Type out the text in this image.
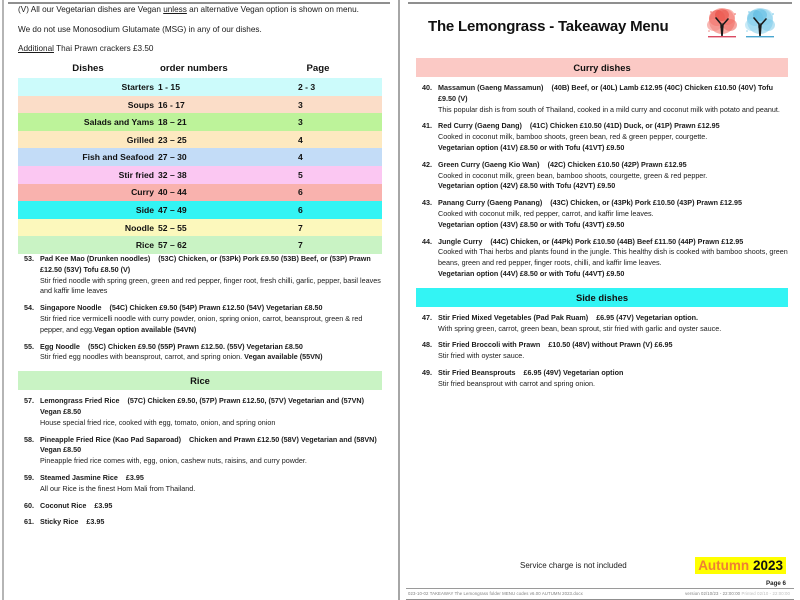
(V) All our Vegetarian dishes are Vegan unless an alternative Vegan option is shown on menu.

We do not use Monosodium Glutamate (MSG) in any of our dishes.

Additional Thai Prawn crackers £3.50

Dishes	order numbers	Page
Starters 1 - 15	2 - 3
Soups 16 - 17	3
Salads and Yams 18 – 21	3
Grilled 23 – 25	4
Fish and Seafood 27 – 30	4
Stir fried 32 – 38	5
Curry 40 – 44	6
Side 47 – 49	6
Noodle 52 – 55	7
Rice 57 – 62	7
53. Pad Kee Mao (Drunken noodles) (53C) Chicken, or (53Pk) Pork £9.50 (53B) Beef, or (53P) Prawn £12.50 (53V) Tofu £8.50 (V)
Stir fried noodle with spring green, green and red pepper, finger root, fresh chilli, garlic, pepper, basil leaves and kaffir lime leaves
54. Singapore Noodle (54C) Chicken £9.50 (54P) Prawn £12.50 (54V) Vegetarian £8.50
Stir fried rice vermicelli noodle with curry powder, onion, spring onion, carrot, beansprout, green & red pepper, and egg.Vegan option available (54VN)
55. Egg Noodle (55C) Chicken £9.50 (55P) Prawn £12.50. (55V) Vegetarian £8.50
Stir fried egg noodles with beansprout, carrot, and spring onion. Vegan available (55VN)
Rice
57. Lemongrass Fried Rice (57C) Chicken £9.50, (57P) Prawn £12.50, (57V) Vegetarian and (57VN) Vegan £8.50
House special fried rice, cooked with egg, tomato, onion, and spring onion
58. Pineapple Fried Rice (Kao Pad Saparoad) Chicken and Prawn £12.50 (58V) Vegetarian and (58VN) Vegan £8.50
Pineapple fried rice comes with, egg, onion, cashew nuts, raisins, and curry powder.
59. Steamed Jasmine Rice £3.95
All our Rice is the finest Hom Mali from Thailand.
60. Coconut Rice £3.95
61. Sticky Rice £3.95
The Lemongrass - Takeaway Menu
Curry dishes
40. Massamun (Gaeng Massamun) (40B) Beef, or (40L) Lamb £12.95 (40C) Chicken £10.50 (40V) Tofu £9.50 (V)
This popular dish is from south of Thailand, cooked in a mild curry and coconut milk with potato and peanut.
41. Red Curry (Gaeng Dang) (41C) Chicken £10.50 (41D) Duck, or (41P) Prawn £12.95
Cooked in coconut milk, bamboo shoots, green bean, red & green pepper, courgette.
Vegetarian option (41V) £8.50 or with Tofu (41VT) £9.50
42. Green Curry (Gaeng Kio Wan) (42C) Chicken £10.50 (42P) Prawn £12.95
Cooked in coconut milk, green bean, bamboo shoots, courgette, green & red pepper.
Vegetarian option (42V) £8.50 with Tofu (42VT) £9.50
43. Panang Curry (Gaeng Panang) (43C) Chicken, or (43Pk) Pork £10.50 (43P) Prawn £12.95
Cooked with coconut milk, red pepper, carrot, and kaffir lime leaves.
Vegetarian option (43V) £8.50 or with Tofu (43VT) £9.50
44. Jungle Curry (44C) Chicken, or (44Pk) Pork £10.50 (44B) Beef £11.50 (44P) Prawn £12.95
Cooked with Thai herbs and plants found in the jungle. This healthy dish is cooked with bamboo shoots, green beans, green and red pepper, finger roots, chilli, and kaffir lime leaves.
Vegetarian option (44V) £8.50 or with Tofu (44VT) £9.50
Side dishes
47. Stir Fried Mixed Vegetables (Pad Pak Ruam) £6.95 (47V) Vegetarian option.
With spring green, carrot, green bean, bean sprout, stir fried with garlic and oyster sauce.
48. Stir Fried Broccoli with Prawn £10.50 (48V) without Prawn (V) £6.95
Stir fried with oyster sauce.
49. Stir Fried Beansprouts £6.95 (49V) Vegetarian option
Stir fried beansprout with carrot and spring onion.
Service charge is not included	Autumn 2023
Page 6
023-10-02 TAKEAWAY The Lemongrass folder MENU codes v6.00 AUTUMN 2023.docx	version 02/10/23 - 22:00:00 Printed 02/10 - 22:00:00
